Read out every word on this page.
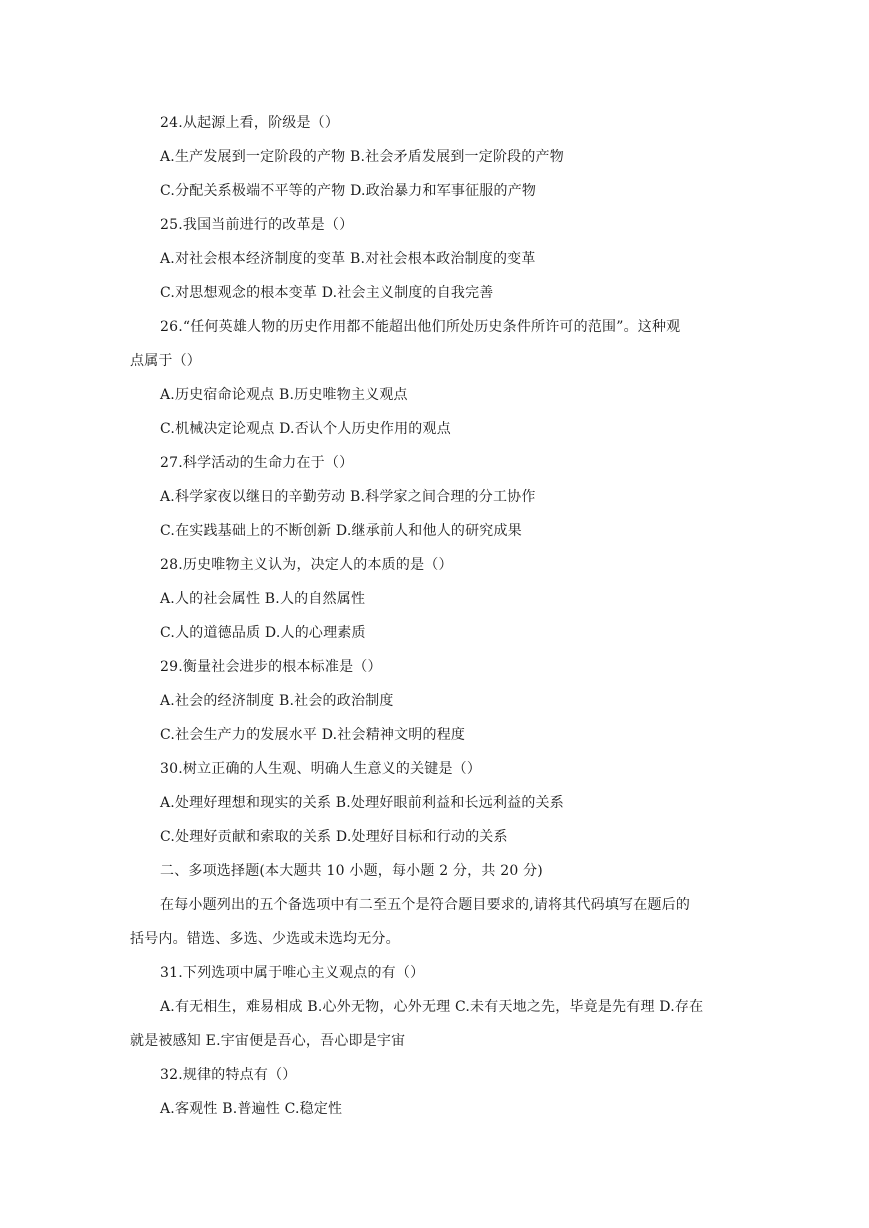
24.从起源上看，阶级是（）
A.生产发展到一定阶段的产物 B.社会矛盾发展到一定阶段的产物
C.分配关系极端不平等的产物 D.政治暴力和军事征服的产物
25.我国当前进行的改革是（）
A.对社会根本经济制度的变革 B.对社会根本政治制度的变革
C.对思想观念的根本变革 D.社会主义制度的自我完善
26.“任何英雄人物的历史作用都不能超出他们所处历史条件所许可的范围”。这种观
点属于（）
A.历史宿命论观点 B.历史唯物主义观点
C.机械决定论观点 D.否认个人历史作用的观点
27.科学活动的生命力在于（）
A.科学家夜以继日的辛勤劳动 B.科学家之间合理的分工协作
C.在实践基础上的不断创新 D.继承前人和他人的研究成果
28.历史唯物主义认为，决定人的本质的是（）
A.人的社会属性 B.人的自然属性
C.人的道德品质 D.人的心理素质
29.衡量社会进步的根本标准是（）
A.社会的经济制度 B.社会的政治制度
C.社会生产力的发展水平 D.社会精神文明的程度
30.树立正确的人生观、明确人生意义的关键是（）
A.处理好理想和现实的关系 B.处理好眼前利益和长远利益的关系
C.处理好贡献和索取的关系 D.处理好目标和行动的关系
二、多项选择题(本大题共 10 小题，每小题 2 分，共 20 分)
在每小题列出的五个备选项中有二至五个是符合题目要求的,请将其代码填写在题后的
括号内。错选、多选、少选或未选均无分。
31.下列选项中属于唯心主义观点的有（）
A.有无相生，难易相成 B.心外无物，心外无理 C.未有天地之先，毕竟是先有理 D.存在
就是被感知 E.宇宙便是吾心，吾心即是宇宙
32.规律的特点有（）
A.客观性 B.普遍性 C.稳定性
